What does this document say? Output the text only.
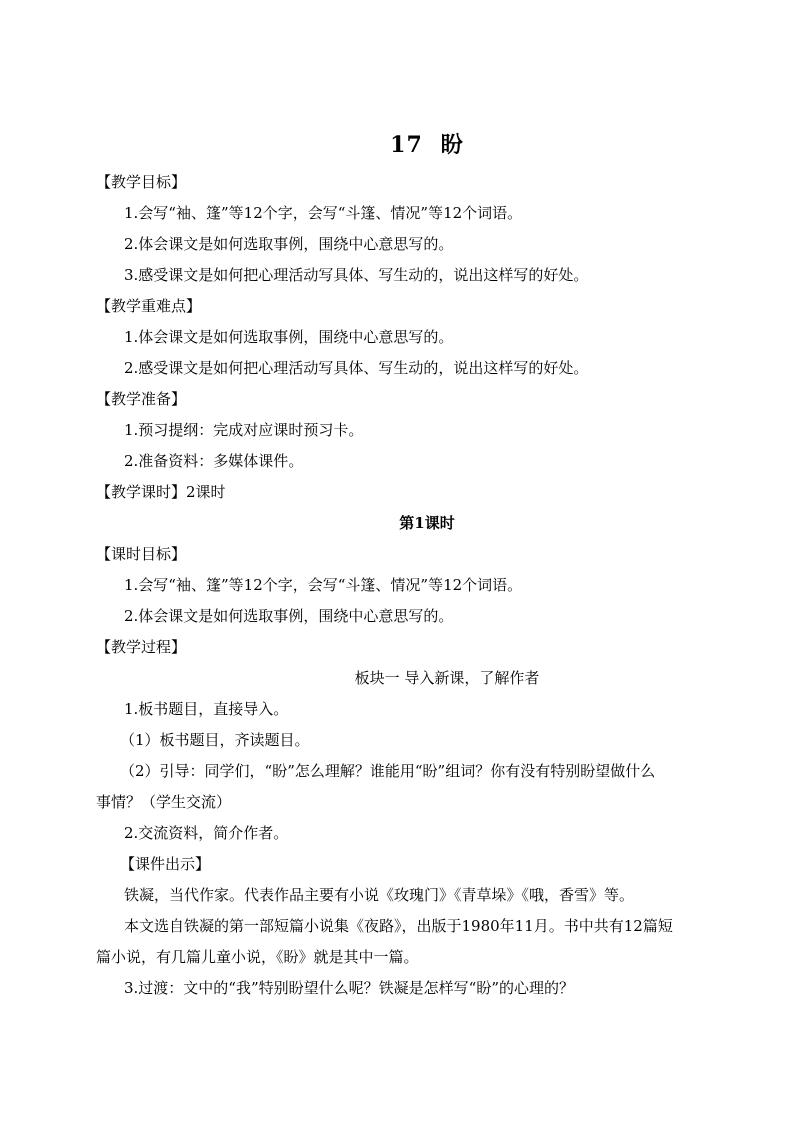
17 盼
【教学目标】
1.会写“袖、篷”等12个字，会写“斗篷、情况”等12个词语。
2.体会课文是如何选取事例，围绕中心意思写的。
3.感受课文是如何把心理活动写具体、写生动的，说出这样写的好处。
【教学重难点】
1.体会课文是如何选取事例，围绕中心意思写的。
2.感受课文是如何把心理活动写具体、写生动的，说出这样写的好处。
【教学准备】
1.预习提纲：完成对应课时预习卡。
2.准备资料：多媒体课件。
【教学课时】2课时
第1课时
【课时目标】
1.会写“袖、篷”等12个字，会写“斗篷、情况”等12个词语。
2.体会课文是如何选取事例，围绕中心意思写的。
【教学过程】
板块一 导入新课，了解作者
1.板书题目，直接导入。
（1）板书题目，齐读题目。
（2）引导：同学们，“盼”怎么理解？谁能用“盼”组词？你有没有特别盼望做什么
事情？（学生交流）
2.交流资料，简介作者。
【课件出示】
铁凝，当代作家。代表作品主要有小说《玫瑰门》《青草垛》《哦，香雪》等。
本文选自铁凝的第一部短篇小说集《夜路》，出版于1980年11月。书中共有12篇短
篇小说，有几篇儿童小说，《盼》就是其中一篇。
3.过渡：文中的“我”特别盼望什么呢？铁凝是怎样写“盼”的心理的？
